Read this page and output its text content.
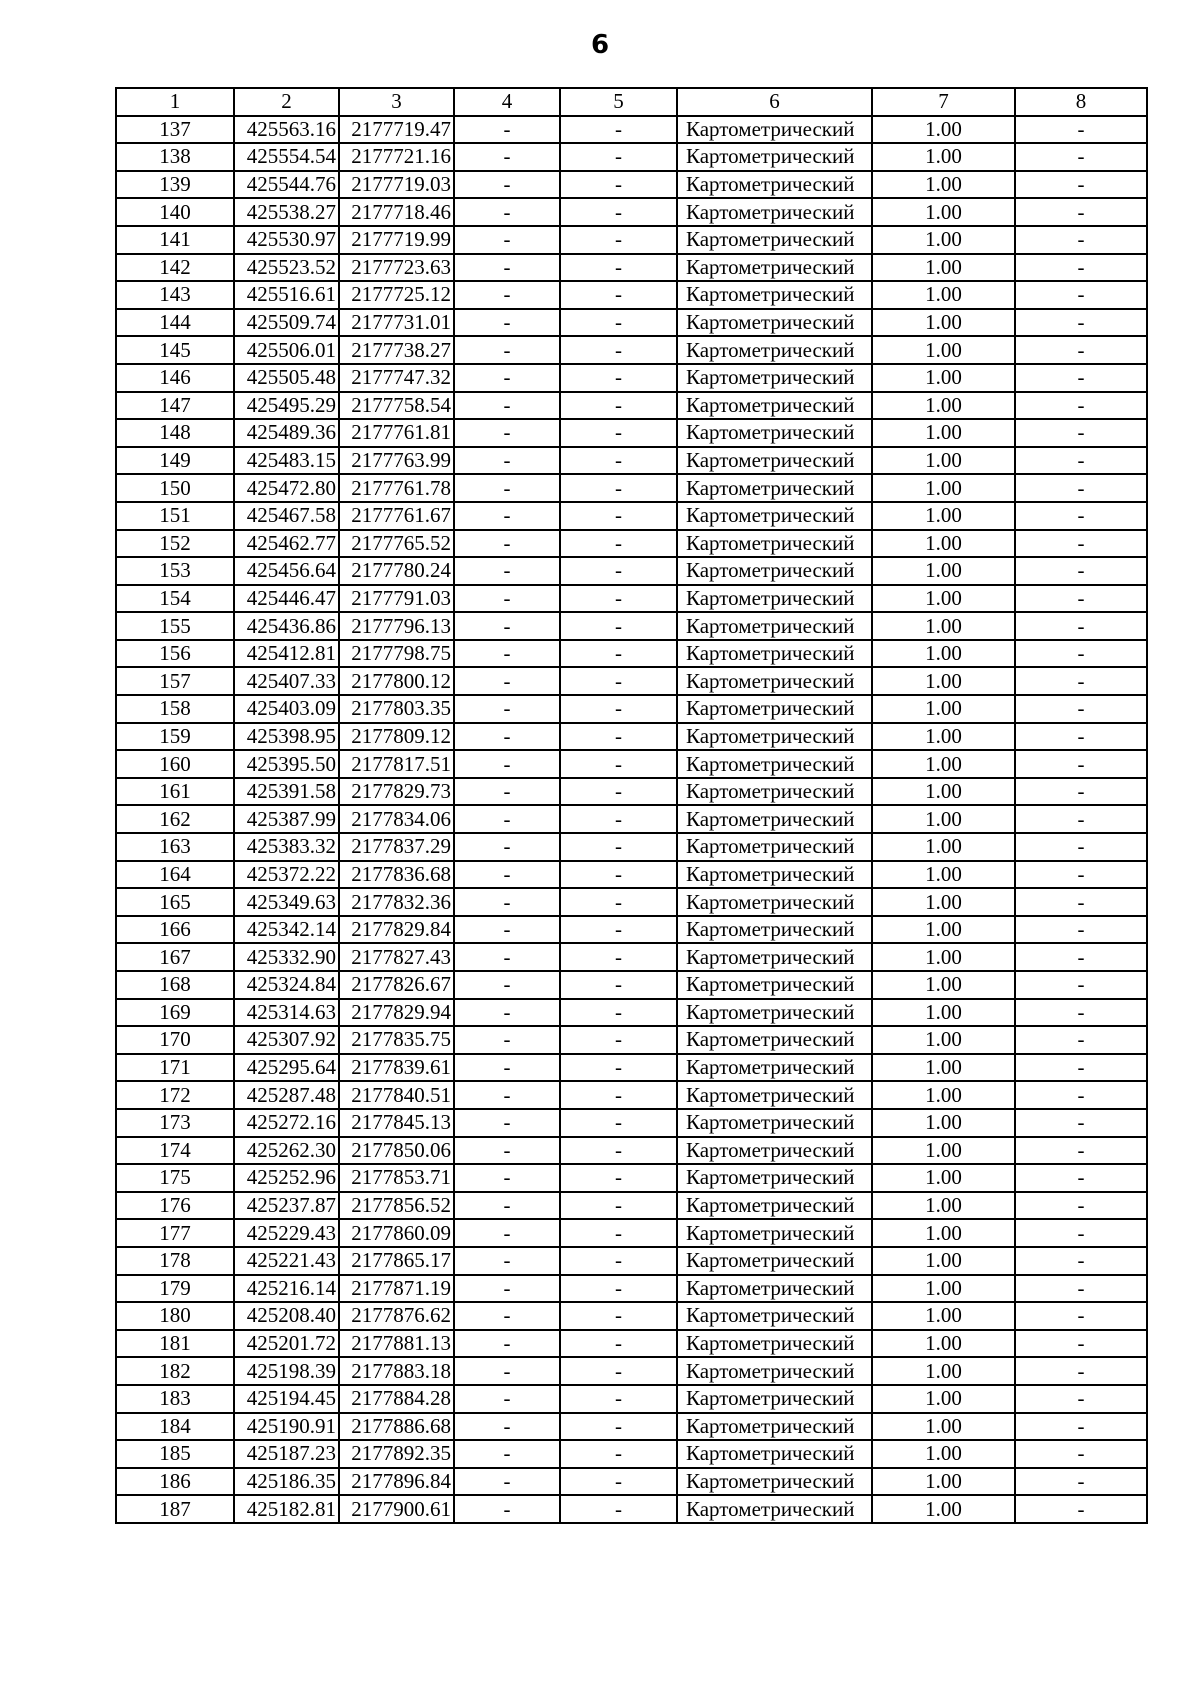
6
1	2	3	4	5	6	7	8
137	425563.16	2177719.47	-	-	Картометрический	1.00	-
138	425554.54	2177721.16	-	-	Картометрический	1.00	-
139	425544.76	2177719.03	-	-	Картометрический	1.00	-
140	425538.27	2177718.46	-	-	Картометрический	1.00	-
141	425530.97	2177719.99	-	-	Картометрический	1.00	-
142	425523.52	2177723.63	-	-	Картометрический	1.00	-
143	425516.61	2177725.12	-	-	Картометрический	1.00	-
144	425509.74	2177731.01	-	-	Картометрический	1.00	-
145	425506.01	2177738.27	-	-	Картометрический	1.00	-
146	425505.48	2177747.32	-	-	Картометрический	1.00	-
147	425495.29	2177758.54	-	-	Картометрический	1.00	-
148	425489.36	2177761.81	-	-	Картометрический	1.00	-
149	425483.15	2177763.99	-	-	Картометрический	1.00	-
150	425472.80	2177761.78	-	-	Картометрический	1.00	-
151	425467.58	2177761.67	-	-	Картометрический	1.00	-
152	425462.77	2177765.52	-	-	Картометрический	1.00	-
153	425456.64	2177780.24	-	-	Картометрический	1.00	-
154	425446.47	2177791.03	-	-	Картометрический	1.00	-
155	425436.86	2177796.13	-	-	Картометрический	1.00	-
156	425412.81	2177798.75	-	-	Картометрический	1.00	-
157	425407.33	2177800.12	-	-	Картометрический	1.00	-
158	425403.09	2177803.35	-	-	Картометрический	1.00	-
159	425398.95	2177809.12	-	-	Картометрический	1.00	-
160	425395.50	2177817.51	-	-	Картометрический	1.00	-
161	425391.58	2177829.73	-	-	Картометрический	1.00	-
162	425387.99	2177834.06	-	-	Картометрический	1.00	-
163	425383.32	2177837.29	-	-	Картометрический	1.00	-
164	425372.22	2177836.68	-	-	Картометрический	1.00	-
165	425349.63	2177832.36	-	-	Картометрический	1.00	-
166	425342.14	2177829.84	-	-	Картометрический	1.00	-
167	425332.90	2177827.43	-	-	Картометрический	1.00	-
168	425324.84	2177826.67	-	-	Картометрический	1.00	-
169	425314.63	2177829.94	-	-	Картометрический	1.00	-
170	425307.92	2177835.75	-	-	Картометрический	1.00	-
171	425295.64	2177839.61	-	-	Картометрический	1.00	-
172	425287.48	2177840.51	-	-	Картометрический	1.00	-
173	425272.16	2177845.13	-	-	Картометрический	1.00	-
174	425262.30	2177850.06	-	-	Картометрический	1.00	-
175	425252.96	2177853.71	-	-	Картометрический	1.00	-
176	425237.87	2177856.52	-	-	Картометрический	1.00	-
177	425229.43	2177860.09	-	-	Картометрический	1.00	-
178	425221.43	2177865.17	-	-	Картометрический	1.00	-
179	425216.14	2177871.19	-	-	Картометрический	1.00	-
180	425208.40	2177876.62	-	-	Картометрический	1.00	-
181	425201.72	2177881.13	-	-	Картометрический	1.00	-
182	425198.39	2177883.18	-	-	Картометрический	1.00	-
183	425194.45	2177884.28	-	-	Картометрический	1.00	-
184	425190.91	2177886.68	-	-	Картометрический	1.00	-
185	425187.23	2177892.35	-	-	Картометрический	1.00	-
186	425186.35	2177896.84	-	-	Картометрический	1.00	-
187	425182.81	2177900.61	-	-	Картометрический	1.00	-
